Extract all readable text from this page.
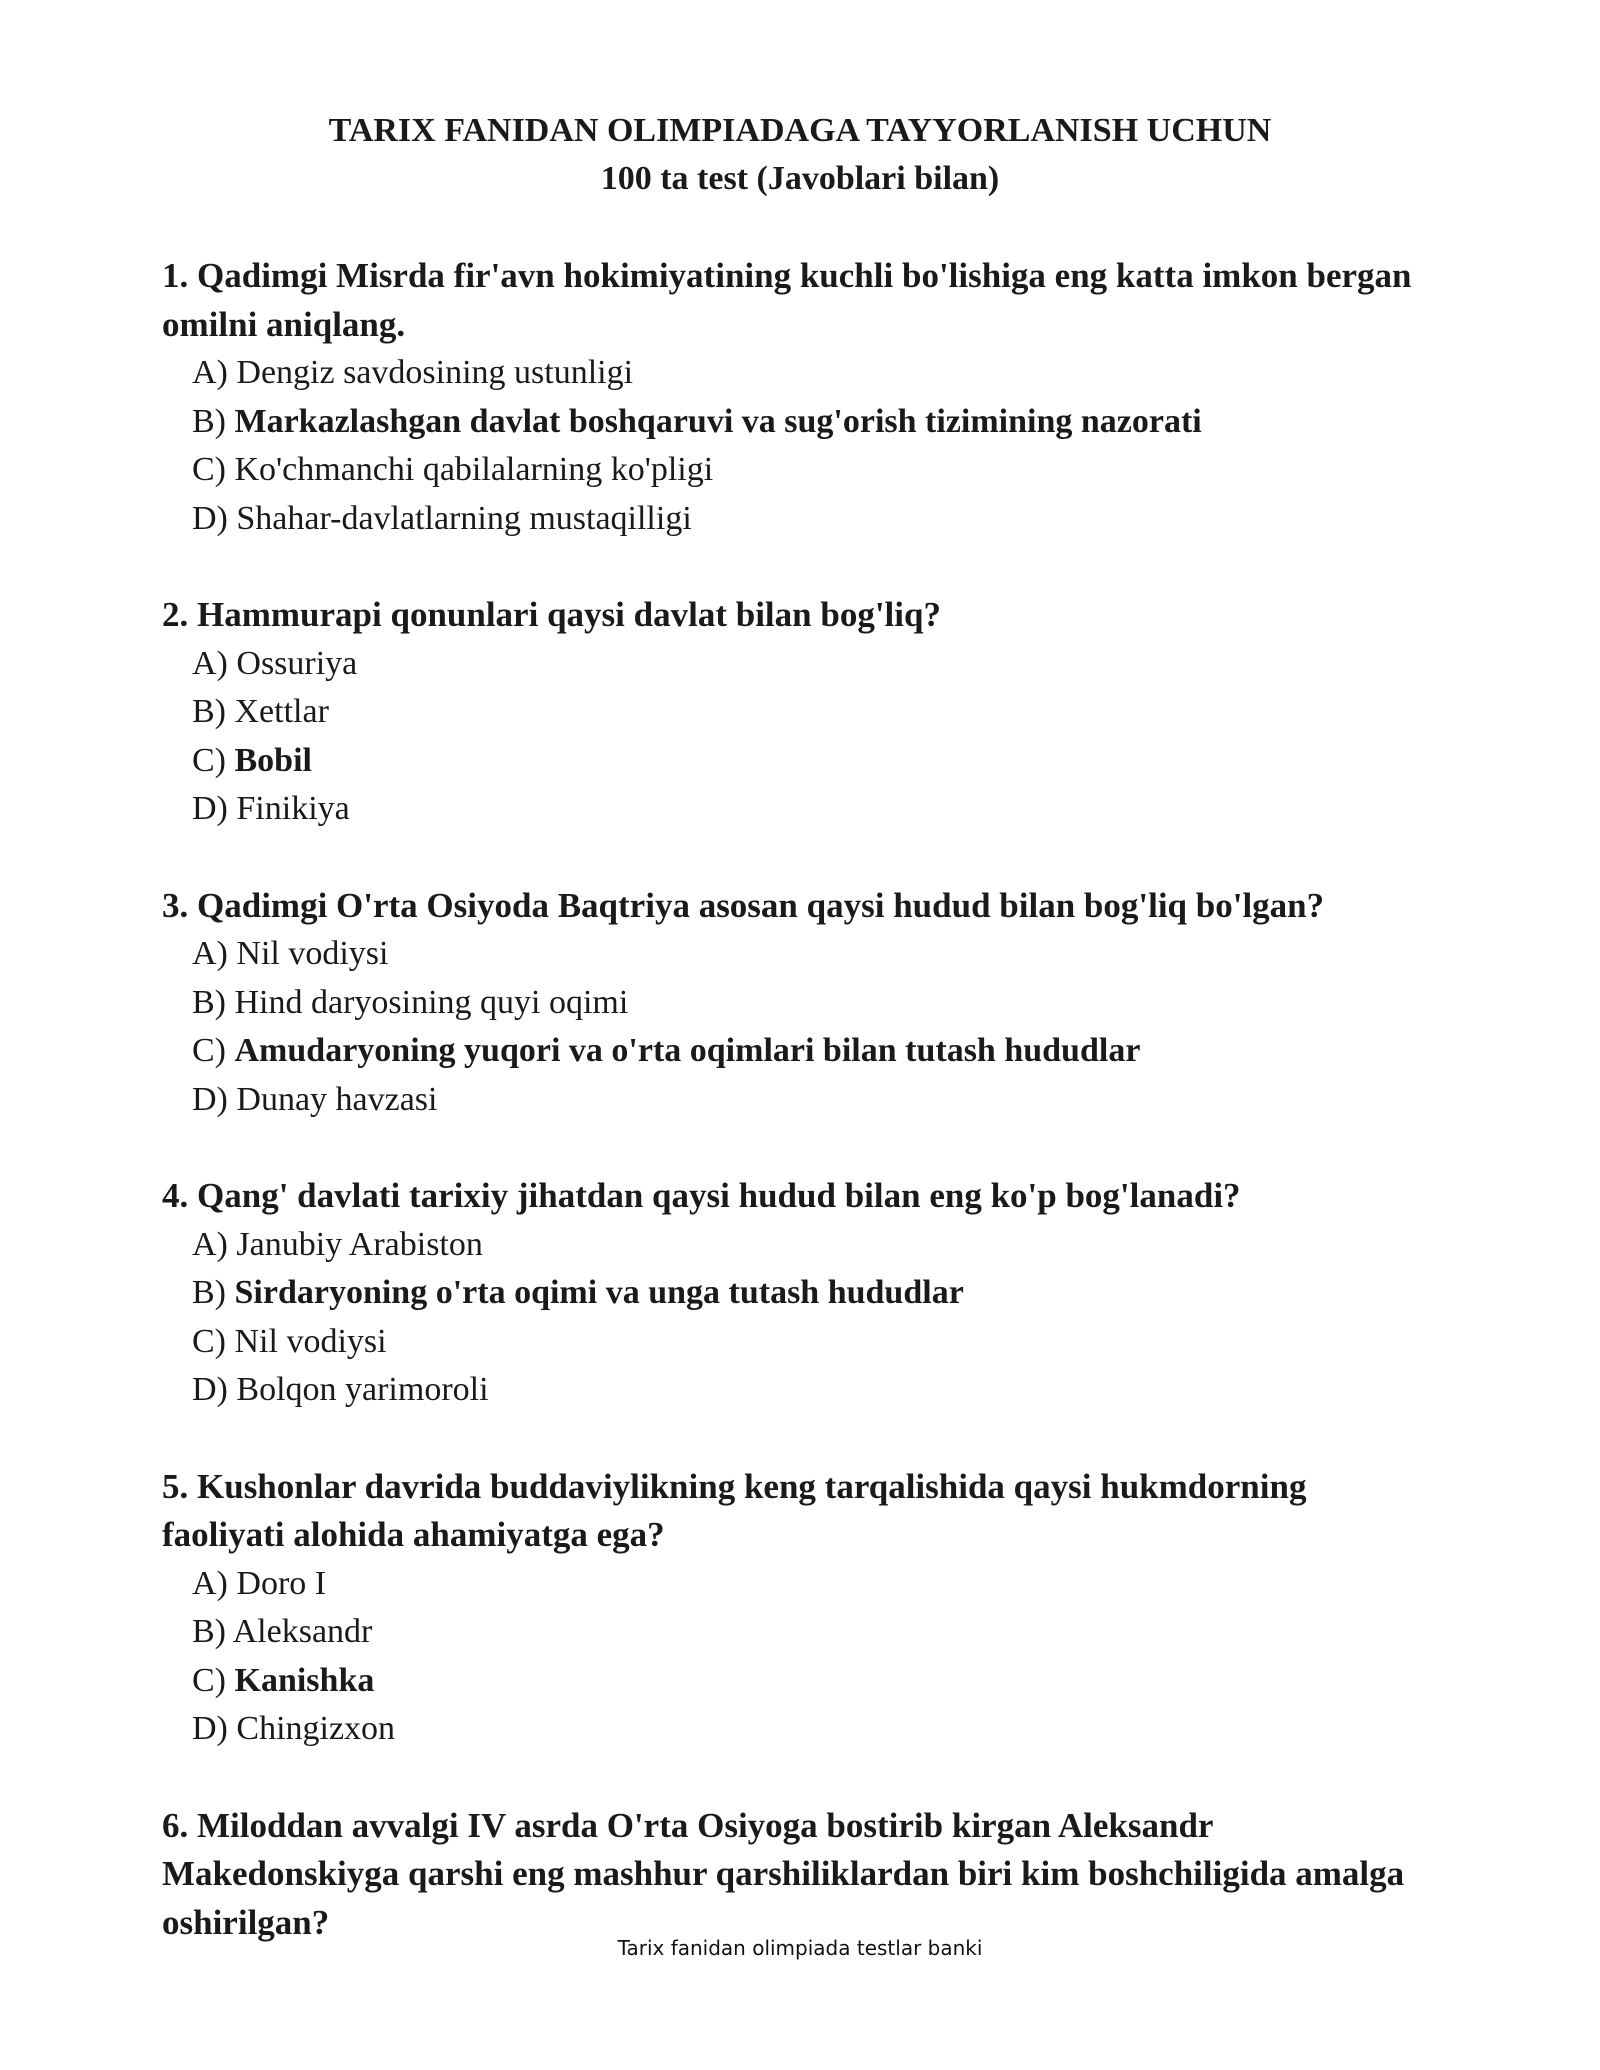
TARIX FANIDAN OLIMPIADAGA TAYYORLANISH UCHUN
100 ta test (Javoblari bilan)
1. Qadimgi Misrda fir'avn hokimiyatining kuchli bo'lishiga eng katta imkon bergan omilni aniqlang.
A) Dengiz savdosining ustunligi
B) Markazlashgan davlat boshqaruvi va sug'orish tizimining nazorati
C) Ko'chmanchi qabilalarning ko'pligi
D) Shahar-davlatlarning mustaqilligi
2. Hammurapi qonunlari qaysi davlat bilan bog'liq?
A) Ossuriya
B) Xettlar
C) Bobil
D) Finikiya
3. Qadimgi O'rta Osiyoda Baqtriya asosan qaysi hudud bilan bog'liq bo'lgan?
A) Nil vodiysi
B) Hind daryosining quyi oqimi
C) Amudaryoning yuqori va o'rta oqimlari bilan tutash hududlar
D) Dunay havzasi
4. Qang' davlati tarixiy jihatdan qaysi hudud bilan eng ko'p bog'lanadi?
A) Janubiy Arabiston
B) Sirdaryoning o'rta oqimi va unga tutash hududlar
C) Nil vodiysi
D) Bolqon yarimoroli
5. Kushonlar davrida buddaviylikning keng tarqalishida qaysi hukmdorning faoliyati alohida ahamiyatga ega?
A) Doro I
B) Aleksandr
C) Kanishka
D) Chingizxon
6. Miloddan avvalgi IV asrda O'rta Osiyoga bostirib kirgan Aleksandr Makedonskiyga qarshi eng mashhur qarshiliklardan biri kim boshchiligida amalga oshirilgan?
Tarix fanidan olimpiada testlar banki
